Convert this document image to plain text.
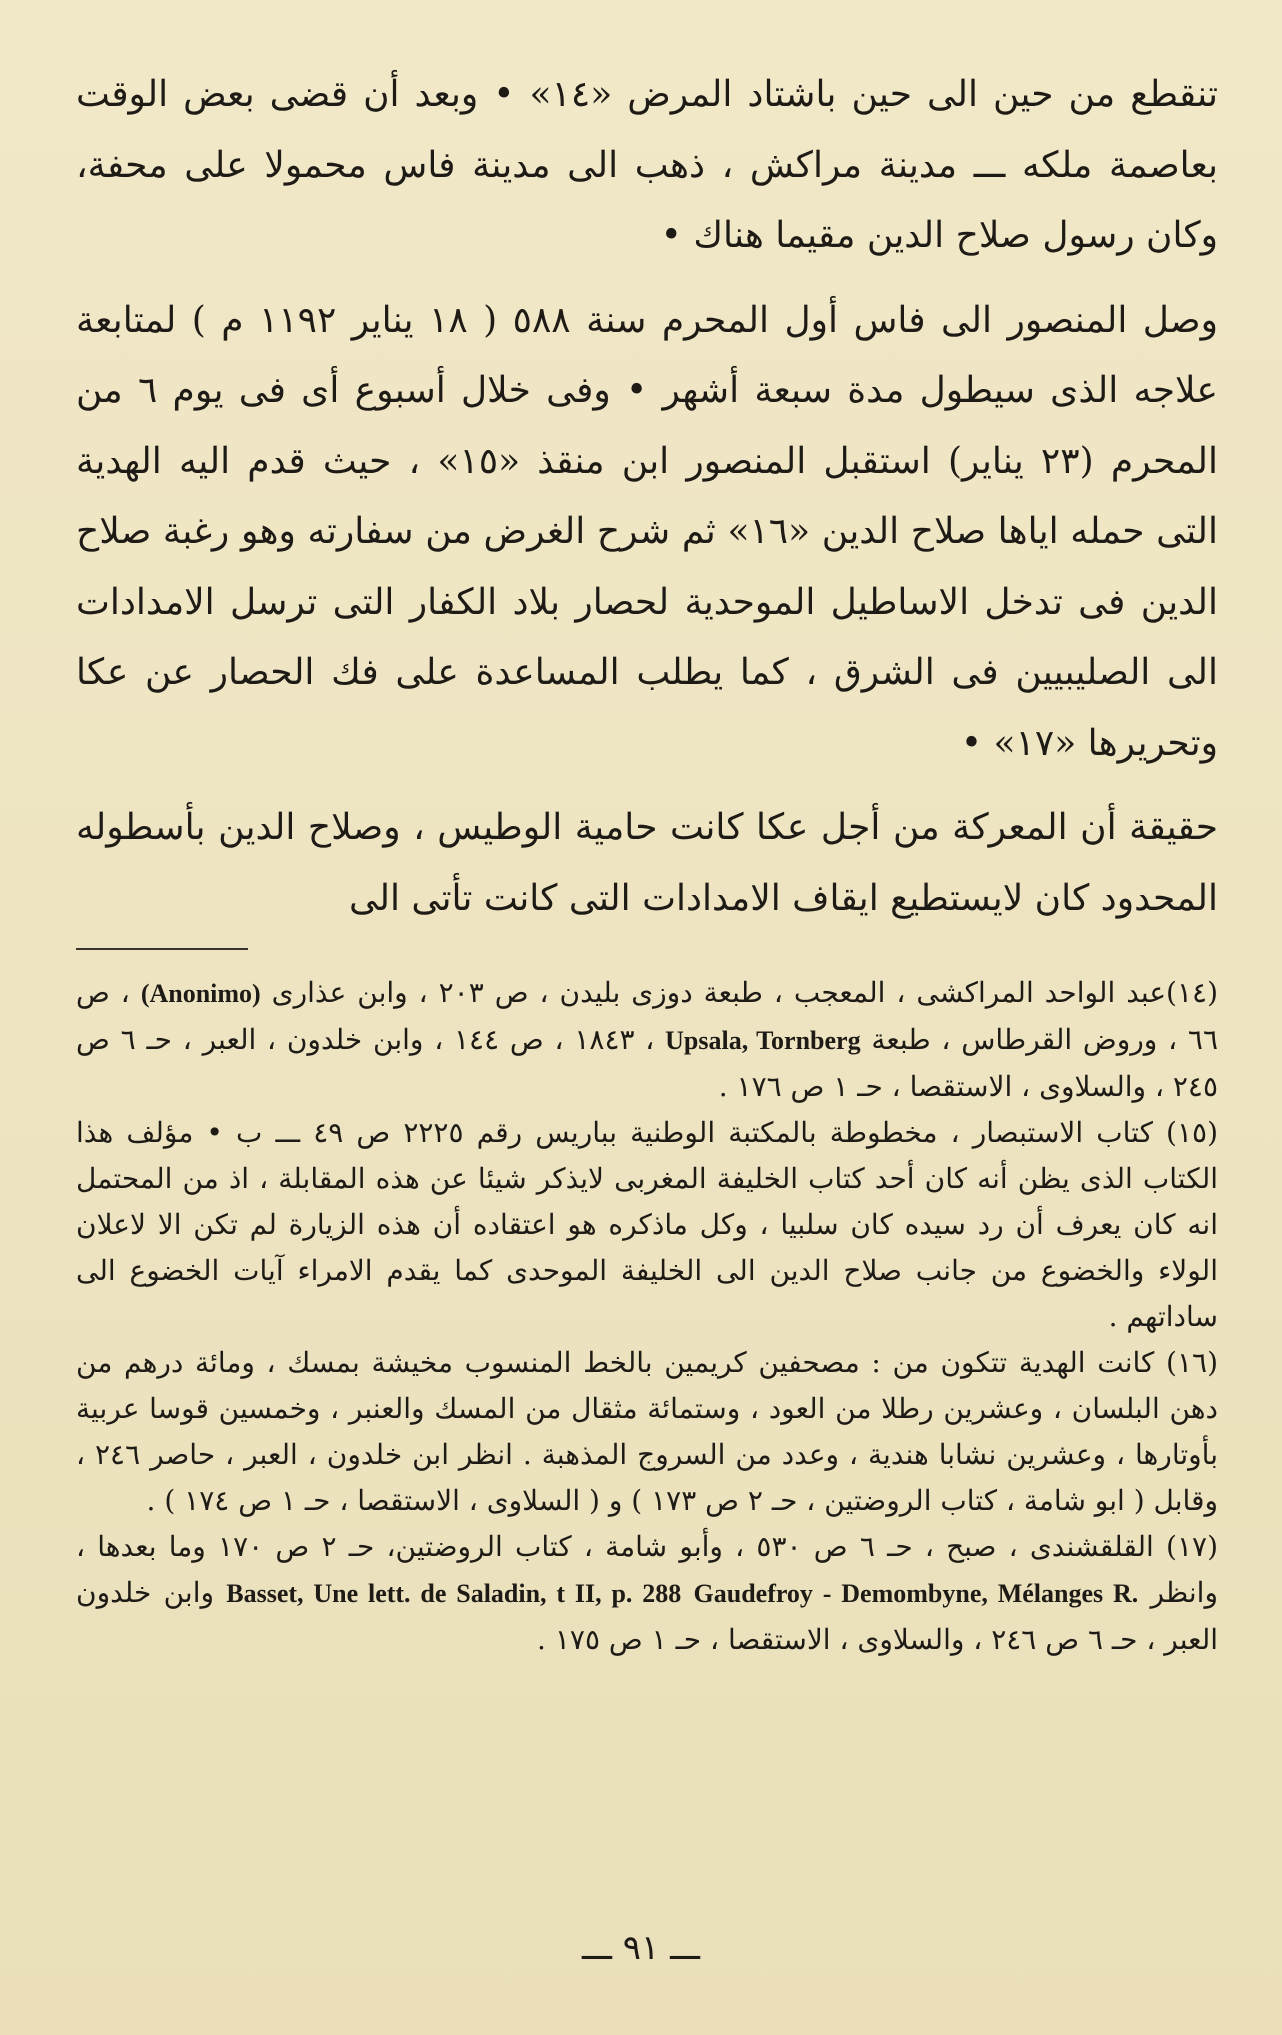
تنقطع من حين الى حين باشتاد المرض «١٤» • وبعد أن قضى بعض الوقت بعاصمة ملكه ـــ مدينة مراكش ، ذهب الى مدينة فاس محمولا على محفة، وكان رسول صلاح الدين مقيما هناك •

وصل المنصور الى فاس أول المحرم سنة ٥٨٨ ( ١٨ يناير ١١٩٢ م ) لمتابعة علاجه الذى سيطول مدة سبعة أشهر • وفى خلال أسبوع أى فى يوم ٦ من المحرم (٢٣ يناير) استقبل المنصور ابن منقذ «١٥» ، حيث قدم اليه الهدية التى حمله اياها صلاح الدين «١٦» ثم شرح الغرض من سفارته وهو رغبة صلاح الدين فى تدخل الاساطيل الموحدية لحصار بلاد الكفار التى ترسل الامدادات الى الصليبيين فى الشرق ، كما يطلب المساعدة على فك الحصار عن عكا وتحريرها «١٧» •

حقيقة أن المعركة من أجل عكا كانت حامية الوطيس ، وصلاح الدين بأسطوله المحدود كان لايستطيع ايقاف الامدادات التى كانت تأتى الى

(١٤)عبد الواحد المراكشى ، المعجب ، طبعة دوزى بليدن ، ص ٢٠٣ ، وابن عذارى (Anonimo) ، ص ٦٦ ، وروض القرطاس ، طبعة Upsala, Tornberg ، ١٨٤٣ ، ص ١٤٤ ، وابن خلدون ، العبر ، حـ ٦ ص ٢٤٥ ، والسلاوى ، الاستقصا ، حـ ١ ص ١٧٦ .

(١٥) كتاب الاستبصار ، مخطوطة بالمكتبة الوطنية بباريس رقم ٢٢٢٥ ص ٤٩ ـــ ب • مؤلف هذا الكتاب الذى يظن أنه كان أحد كتاب الخليفة المغربى لايذكر شيئا عن هذه المقابلة ، اذ من المحتمل انه كان يعرف أن رد سيده كان سلبيا ، وكل ماذكره هو اعتقاده أن هذه الزيارة لم تكن الا لاعلان الولاء والخضوع من جانب صلاح الدين الى الخليفة الموحدى كما يقدم الامراء آيات الخضوع الى ساداتهم .

(١٦) كانت الهدية تتكون من : مصحفين كريمين بالخط المنسوب مخيشة بمسك ، ومائة درهم من دهن البلسان ، وعشرين رطلا من العود ، وستمائة مثقال من المسك والعنبر ، وخمسين قوسا عربية بأوتارها ، وعشرين نشابا هندية ، وعدد من السروج المذهبة . انظر ابن خلدون ، العبر ، حاصر ٢٤٦ ، وقابل ( ابو شامة ، كتاب الروضتين ، حـ ٢ ص ١٧٣ ) و ( السلاوى ، الاستقصا ، حـ ١ ص ١٧٤ ) .

(١٧) القلقشندى ، صبح ، حـ ٦ ص ٥٣٠ ، وأبو شامة ، كتاب الروضتين، حـ ٢ ص ١٧٠ وما بعدها ، وانظر Gaudefroy - Demombyne, Mélanges R. Basset, Une lett. de Saladin, t II, p. 288 وابن خلدون العبر ، حـ ٦ ص ٢٤٦ ، والسلاوى ، الاستقصا ، حـ ١ ص ١٧٥ .

ـــ ٩١ ـــ
